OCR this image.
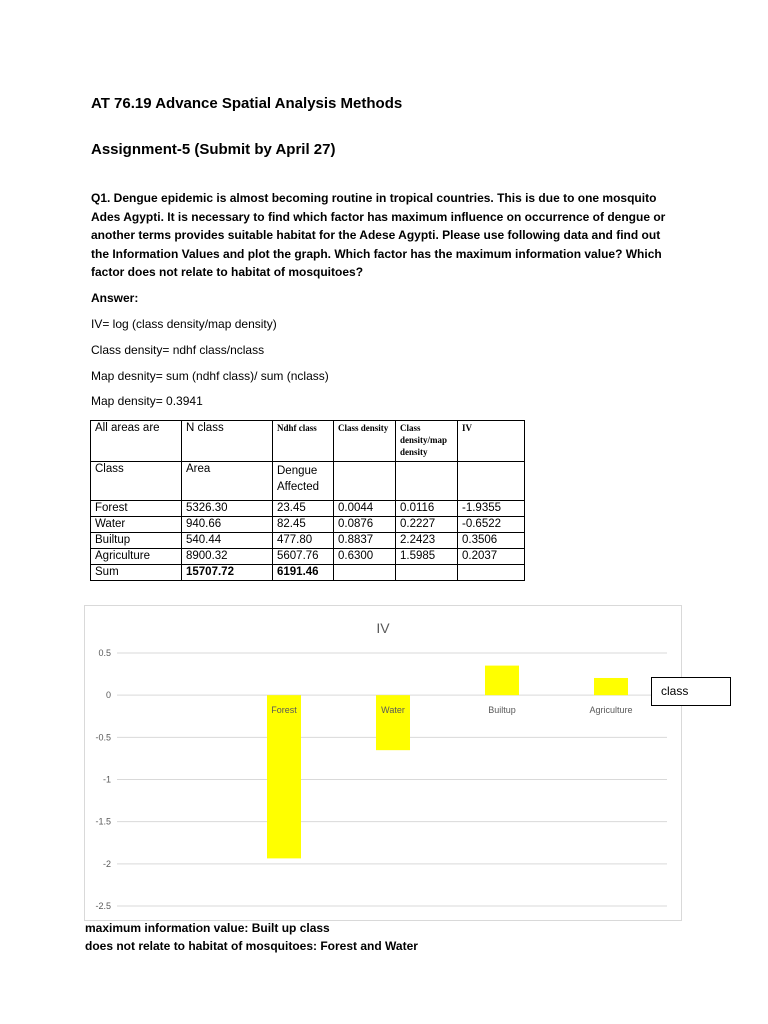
AT 76.19 Advance Spatial Analysis Methods
Assignment-5 (Submit by April 27)

Q1. Dengue epidemic is almost becoming routine in tropical countries. This is due to one mosquito

Ades Agypti. It is necessary to find which factor has maximum influence on occurrence of dengue or

another terms provides suitable habitat for the Adese Agypti. Please use following data and find out

the Information Values and plot the graph. Which factor has the maximum information value? Which

factor does not relate to habitat of mosquitoes?

Answer:
IV= log (class density/map density)
Class density= ndhf class/nclass
Map desnity= sum (ndhf class)/ sum (nclass)
Map density= 0.3941
All areas are	N class	Ndhf class	Class density	Class density/map density	IV
Class	Area	Dengue Affected			
Forest	5326.30	23.45	0.0044	0.0116	-1.9355
Water	940.66	82.45	0.0876	0.2227	-0.6522
Builtup	540.44	477.80	0.8837	2.2423	0.3506
Agriculture	8900.32	5607.76	0.6300	1.5985	0.2037
Sum	15707.72	6191.46			
IV
0.5
0
-0.5
-1
-1.5
-2
-2.5
Forest	Water	Builtup	Agriculture
class
maximum information value: Built up class
does not relate to habitat of mosquitoes: Forest and Water
